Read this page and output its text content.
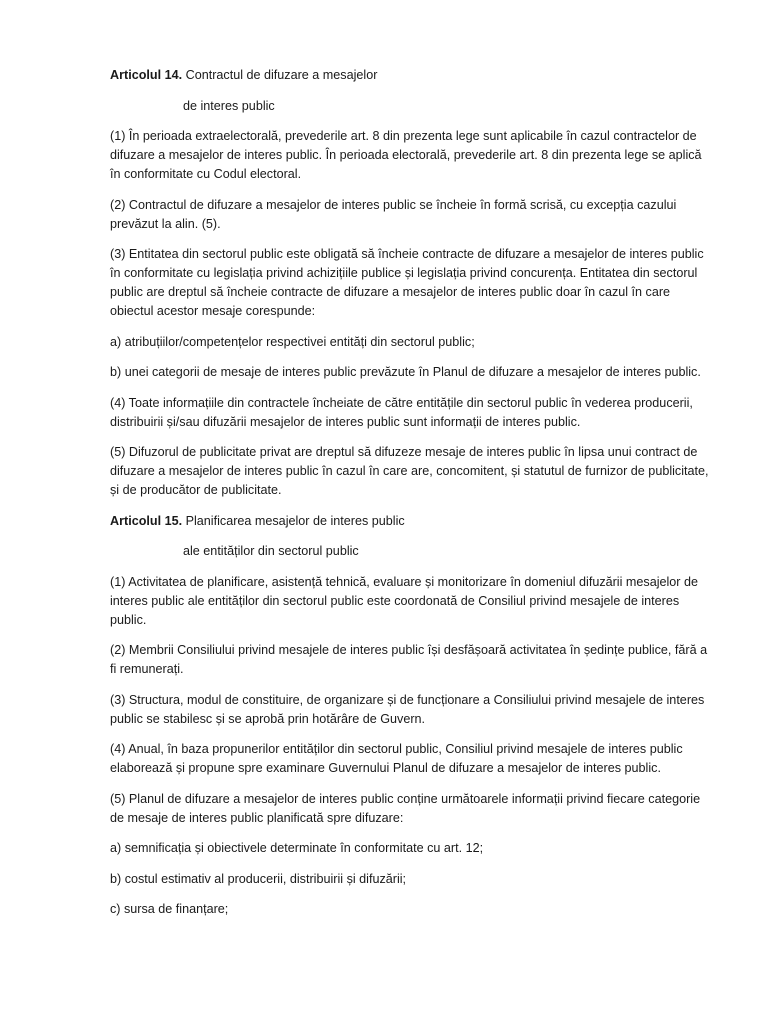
Articolul 14. Contractul de difuzare a mesajelor

de interes public

(1) În perioada extraelectorală, prevederile art. 8 din prezenta lege sunt aplicabile în cazul contractelor de difuzare a mesajelor de interes public. În perioada electorală, prevederile art. 8 din prezenta lege se aplică în conformitate cu Codul electoral.

(2) Contractul de difuzare a mesajelor de interes public se încheie în formă scrisă, cu excepția cazului prevăzut la alin. (5).

(3) Entitatea din sectorul public este obligată să încheie contracte de difuzare a mesajelor de interes public în conformitate cu legislația privind achizițiile publice și legislația privind concurența. Entitatea din sectorul public are dreptul să încheie contracte de difuzare a mesajelor de interes public doar în cazul în care obiectul acestor mesaje corespunde:

a) atribuțiilor/competențelor respectivei entități din sectorul public;

b) unei categorii de mesaje de interes public prevăzute în Planul de difuzare a mesajelor de interes public.

(4) Toate informațiile din contractele încheiate de către entitățile din sectorul public în vederea producerii, distribuirii și/sau difuzării mesajelor de interes public sunt informații de interes public.

(5) Difuzorul de publicitate privat are dreptul să difuzeze mesaje de interes public în lipsa unui contract de difuzare a mesajelor de interes public în cazul în care are, concomitent, și statutul de furnizor de publicitate, și de producător de publicitate.

Articolul 15. Planificarea mesajelor de interes public

ale entităților din sectorul public

(1) Activitatea de planificare, asistență tehnică, evaluare și monitorizare în domeniul difuzării mesajelor de interes public ale entităților din sectorul public este coordonată de Consiliul privind mesajele de interes public.

(2) Membrii Consiliului privind mesajele de interes public își desfășoară activitatea în ședințe publice, fără a fi remunerați.

(3) Structura, modul de constituire, de organizare și de funcționare a Consiliului privind mesajele de interes public se stabilesc și se aprobă prin hotărâre de Guvern.

(4) Anual, în baza propunerilor entităților din sectorul public, Consiliul privind mesajele de interes public elaborează și propune spre examinare Guvernului Planul de difuzare a mesajelor de interes public.

(5) Planul de difuzare a mesajelor de interes public conține următoarele informații privind fiecare categorie de mesaje de interes public planificată spre difuzare:

a) semnificația și obiectivele determinate în conformitate cu art. 12;

b) costul estimativ al producerii, distribuirii și difuzării;

c) sursa de finanțare;
